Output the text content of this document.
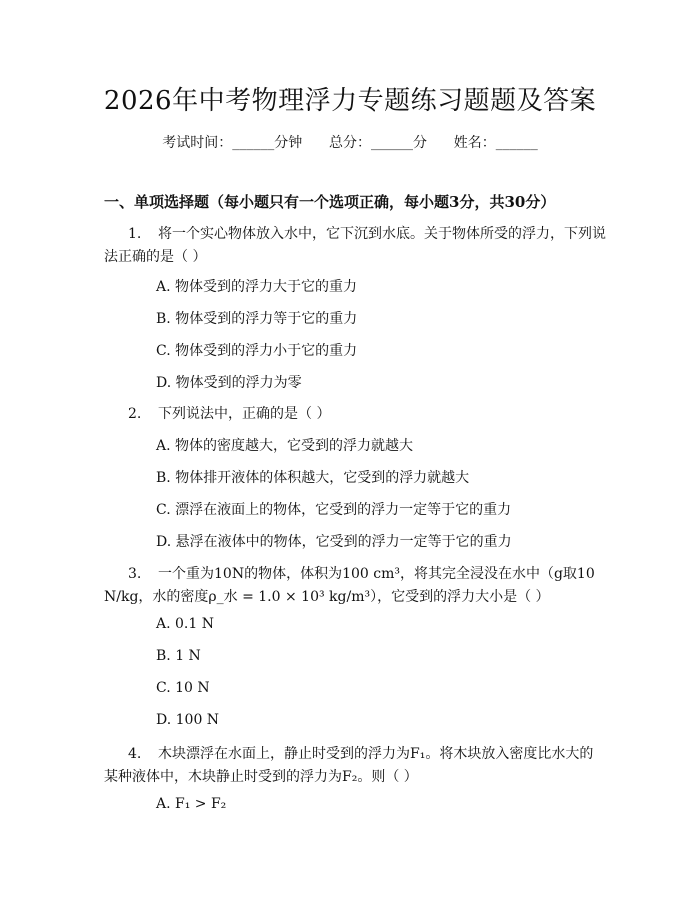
2026年中考物理浮力专题练习题题及答案
考试时间：______分钟      总分：______分      姓名：______
一、单项选择题（每小题只有一个选项正确，每小题3分，共30分）
1. 将一个实心物体放入水中，它下沉到水底。关于物体所受的浮力，下列说
法正确的是（ ）
A. 物体受到的浮力大于它的重力
B. 物体受到的浮力等于它的重力
C. 物体受到的浮力小于它的重力
D. 物体受到的浮力为零
2. 下列说法中，正确的是（ ）
A. 物体的密度越大，它受到的浮力就越大
B. 物体排开液体的体积越大，它受到的浮力就越大
C. 漂浮在液面上的物体，它受到的浮力一定等于它的重力
D. 悬浮在液体中的物体，它受到的浮力一定等于它的重力
3. 一个重为10N的物体，体积为100 cm³，将其完全浸没在水中（g取10
N/kg，水的密度ρ_水 = 1.0 × 10³ kg/m³），它受到的浮力大小是（ ）
A. 0.1 N
B. 1 N
C. 10 N
D. 100 N
4. 木块漂浮在水面上，静止时受到的浮力为F₁。将木块放入密度比水大的
某种液体中，木块静止时受到的浮力为F₂。则（ ）
A. F₁ > F₂
